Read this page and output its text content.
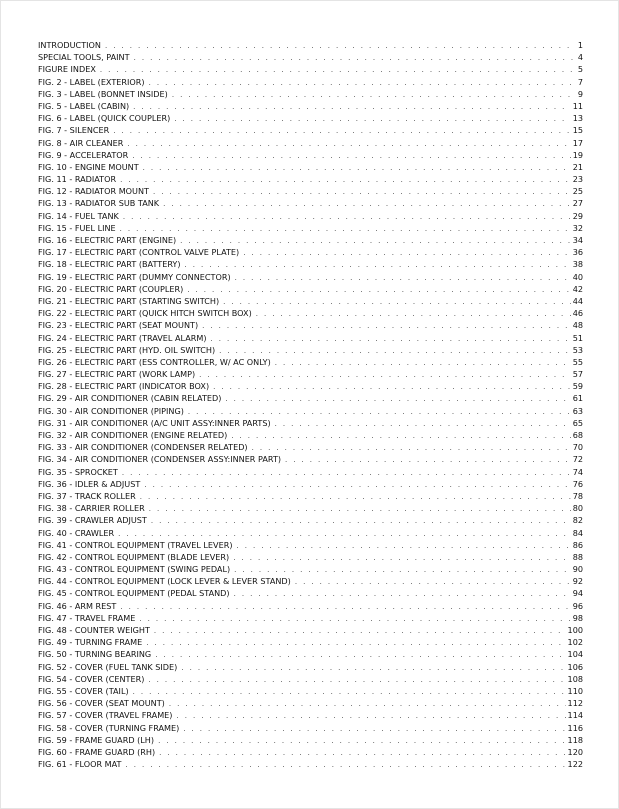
INTRODUCTION . . .	1
SPECIAL TOOLS, PAINT . . .	4
FIGURE INDEX . . .	5
FIG. 2 - LABEL (EXTERIOR) . . .	7
FIG. 3 - LABEL (BONNET INSIDE) . . .	9
FIG. 5 - LABEL (CABIN) . . .	11
FIG. 6 - LABEL (QUICK COUPLER) . . .	13
FIG. 7 - SILENCER . . .	15
FIG. 8 - AIR CLEANER . . .	17
FIG. 9 - ACCELERATOR . . .	19
FIG. 10 - ENGINE MOUNT . . .	21
FIG. 11 - RADIATOR . . .	23
FIG. 12 - RADIATOR MOUNT . . .	25
FIG. 13 - RADIATOR SUB TANK . . .	27
FIG. 14 - FUEL TANK . . .	29
FIG. 15 - FUEL LINE . . .	32
FIG. 16 - ELECTRIC PART (ENGINE) . . .	34
FIG. 17 - ELECTRIC PART (CONTROL VALVE PLATE) . . .	36
FIG. 18 - ELECTRIC PART (BATTERY) . . .	38
FIG. 19 - ELECTRIC PART (DUMMY CONNECTOR) . . .	40
FIG. 20 - ELECTRIC PART (COUPLER) . . .	42
FIG. 21 - ELECTRIC PART (STARTING SWITCH) . . .	44
FIG. 22 - ELECTRIC PART (QUICK HITCH SWITCH BOX) . . .	46
FIG. 23 - ELECTRIC PART (SEAT MOUNT) . . .	48
FIG. 24 - ELECTRIC PART (TRAVEL ALARM) . . .	51
FIG. 25 - ELECTRIC PART (HYD. OIL SWITCH) . . .	53
FIG. 26 - ELECTRIC PART (ESS CONTROLLER, W/ AC ONLY) . . .	55
FIG. 27 - ELECTRIC PART (WORK LAMP) . . .	57
FIG. 28 - ELECTRIC PART (INDICATOR BOX) . . .	59
FIG. 29 - AIR CONDITIONER (CABIN RELATED) . . .	61
FIG. 30 - AIR CONDITIONER (PIPING) . . .	63
FIG. 31 - AIR CONDITIONER (A/C UNIT ASSY:INNER PARTS) . . .	65
FIG. 32 - AIR CONDITIONER (ENGINE RELATED) . . .	68
FIG. 33 - AIR CONDITIONER (CONDENSER RELATED) . . .	70
FIG. 34 - AIR CONDITIONER (CONDENSER ASSY:INNER PART) . . .	72
FIG. 35 - SPROCKET . . .	74
FIG. 36 - IDLER & ADJUST . . .	76
FIG. 37 - TRACK ROLLER . . .	78
FIG. 38 - CARRIER ROLLER . . .	80
FIG. 39 - CRAWLER ADJUST . . .	82
FIG. 40 - CRAWLER . . .	84
FIG. 41 - CONTROL EQUIPMENT (TRAVEL LEVER) . . .	86
FIG. 42 - CONTROL EQUIPMENT (BLADE LEVER) . . .	88
FIG. 43 - CONTROL EQUIPMENT (SWING PEDAL) . . .	90
FIG. 44 - CONTROL EQUIPMENT (LOCK LEVER & LEVER STAND) . . .	92
FIG. 45 - CONTROL EQUIPMENT (PEDAL STAND) . . .	94
FIG. 46 - ARM REST . . .	96
FIG. 47 - TRAVEL FRAME . . .	98
FIG. 48 - COUNTER WEIGHT . . .	100
FIG. 49 - TURNING FRAME . . .	102
FIG. 50 - TURNING BEARING . . .	104
FIG. 52 - COVER (FUEL TANK SIDE) . . .	106
FIG. 54 - COVER (CENTER) . . .	108
FIG. 55 - COVER (TAIL) . . .	110
FIG. 56 - COVER (SEAT MOUNT) . . .	112
FIG. 57 - COVER (TRAVEL FRAME) . . .	114
FIG. 58 - COVER (TURNING FRAME) . . .	116
FIG. 59 - FRAME GUARD (LH) . . .	118
FIG. 60 - FRAME GUARD (RH) . . .	120
FIG. 61 - FLOOR MAT . . .	122
